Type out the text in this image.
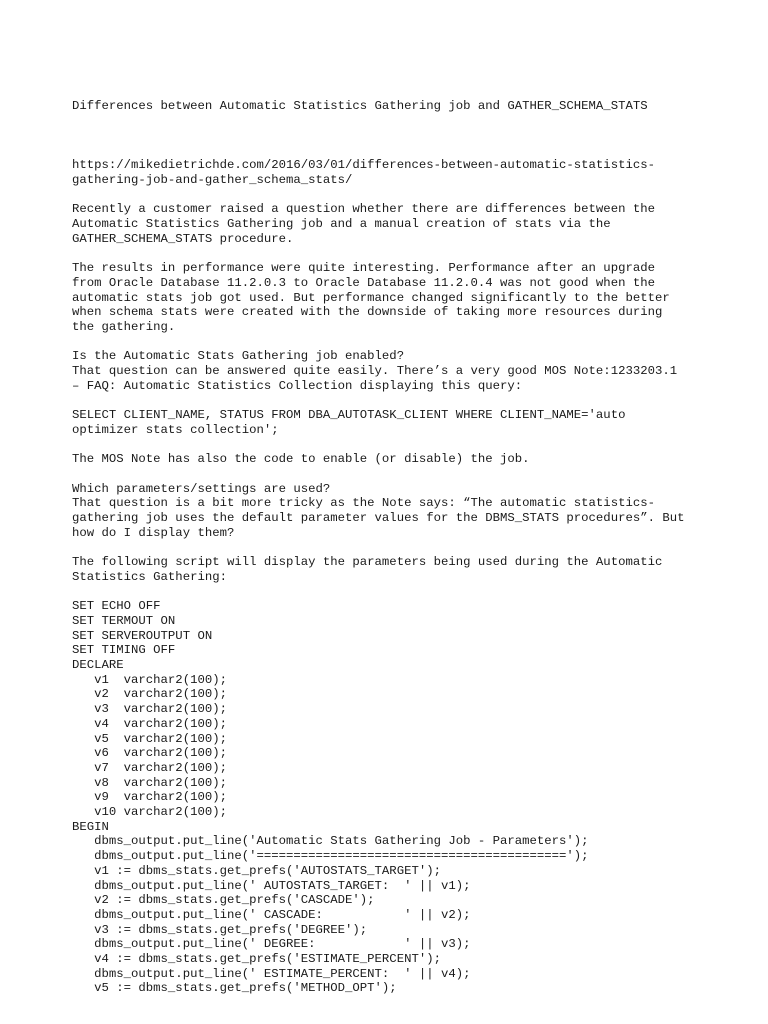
Differences between Automatic Statistics Gathering job and GATHER_SCHEMA_STATS

https://mikedietrichde.com/2016/03/01/differences-between-automatic-statistics-
gathering-job-and-gather_schema_stats/
Recently a customer raised a question whether there are differences between the
Automatic Statistics Gathering job and a manual creation of stats via the
GATHER_SCHEMA_STATS procedure.
The results in performance were quite interesting. Performance after an upgrade
from Oracle Database 11.2.0.3 to Oracle Database 11.2.0.4 was not good when the
automatic stats job got used. But performance changed significantly to the better
when schema stats were created with the downside of taking more resources during
the gathering.
Is the Automatic Stats Gathering job enabled?
That question can be answered quite easily. There’s a very good MOS Note:1233203.1
– FAQ: Automatic Statistics Collection displaying this query:
SELECT CLIENT_NAME, STATUS FROM DBA_AUTOTASK_CLIENT WHERE CLIENT_NAME='auto
optimizer stats collection';
The MOS Note has also the code to enable (or disable) the job.
Which parameters/settings are used?
That question is a bit more tricky as the Note says: “The automatic statistics-
gathering job uses the default parameter values for the DBMS_STATS procedures”. But
how do I display them?
The following script will display the parameters being used during the Automatic
Statistics Gathering:
SET ECHO OFF
SET TERMOUT ON
SET SERVEROUTPUT ON
SET TIMING OFF
DECLARE
v1  varchar2(100);
v2  varchar2(100);
v3  varchar2(100);
v4  varchar2(100);
v5  varchar2(100);
v6  varchar2(100);
v7  varchar2(100);
v8  varchar2(100);
v9  varchar2(100);
v10 varchar2(100);
BEGIN
dbms_output.put_line('Automatic Stats Gathering Job - Parameters');
dbms_output.put_line('==========================================');
v1 := dbms_stats.get_prefs('AUTOSTATS_TARGET');
dbms_output.put_line(' AUTOSTATS_TARGET:  ' || v1);
v2 := dbms_stats.get_prefs('CASCADE');
dbms_output.put_line(' CASCADE:           ' || v2);
v3 := dbms_stats.get_prefs('DEGREE');
dbms_output.put_line(' DEGREE:            ' || v3);
v4 := dbms_stats.get_prefs('ESTIMATE_PERCENT');
dbms_output.put_line(' ESTIMATE_PERCENT:  ' || v4);
v5 := dbms_stats.get_prefs('METHOD_OPT');
